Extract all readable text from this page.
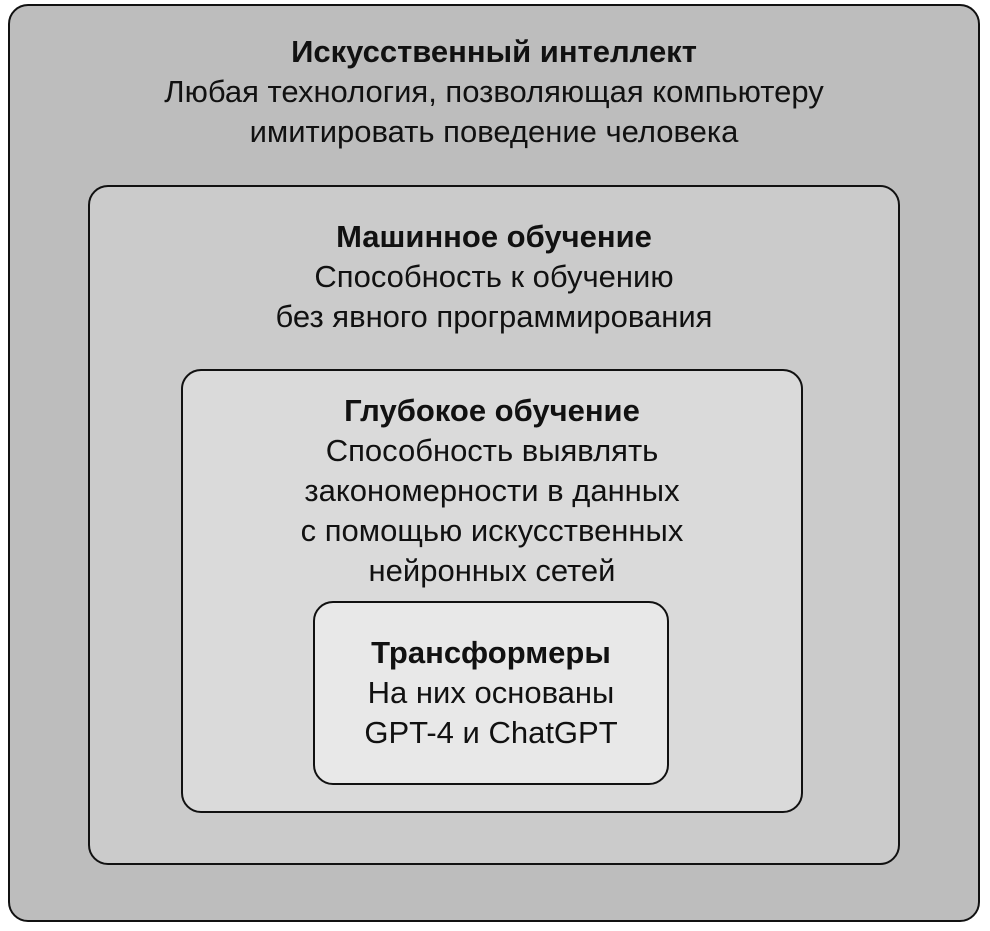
Искусственный интеллект
Любая технология, позволяющая компьютеру
имитировать поведение человека
Машинное обучение
Способность к обучению
без явного программирования
Глубокое обучение
Способность выявлять
закономерности в данных
с помощью искусственных
нейронных сетей
Трансформеры
На них основаны
GPT-4 и ChatGPT
